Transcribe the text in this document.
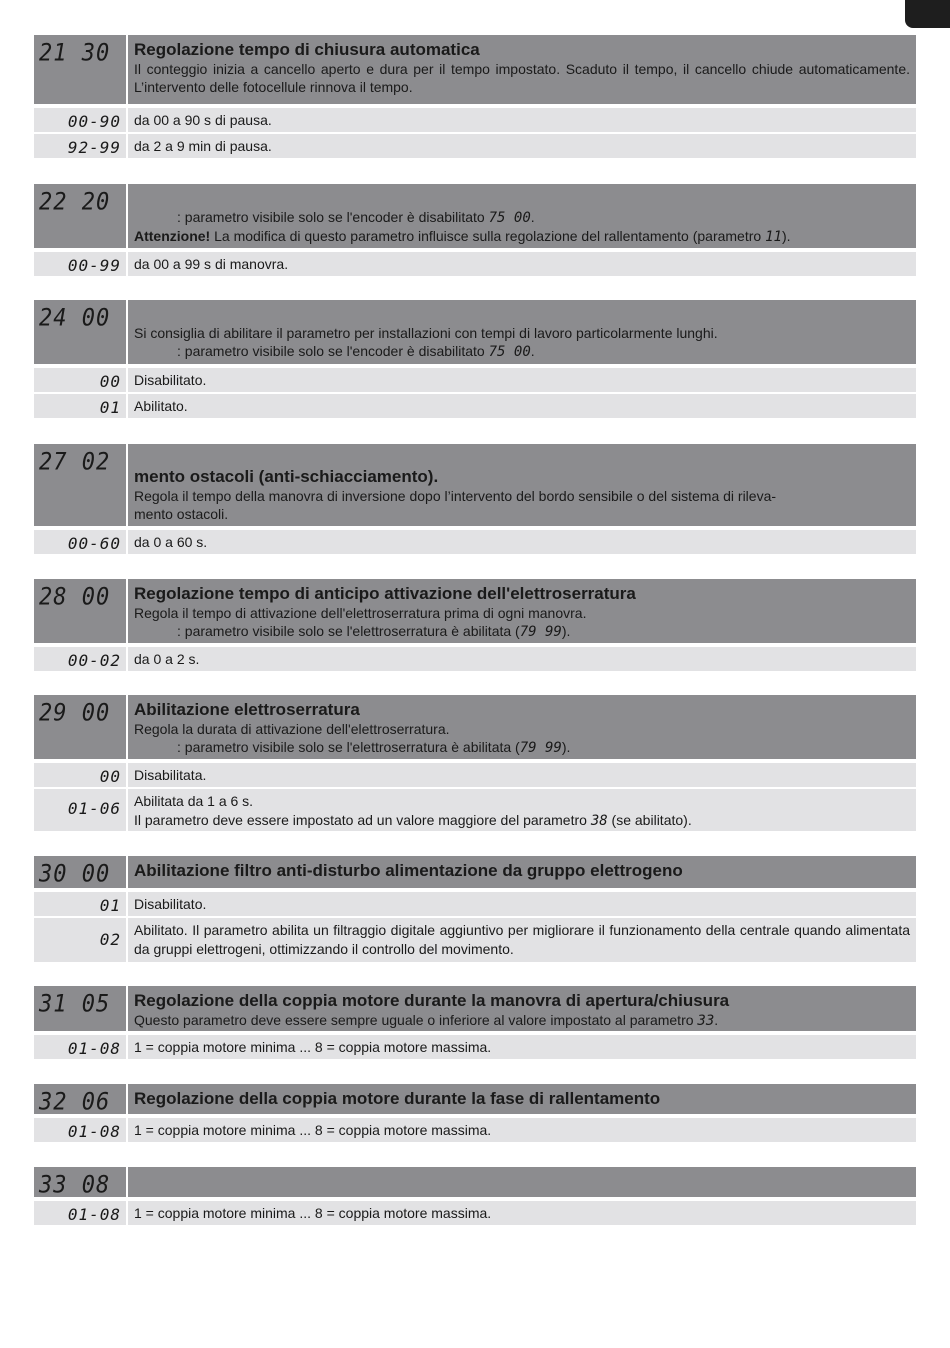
21 30	Regolazione tempo di chiusura automatica
Il conteggio inizia a cancello aperto e dura per il tempo impostato. Scaduto il tempo, il cancello chiude automaticamente. L’intervento delle fotocellule rinnova il tempo.
00-90 da 00 a 90 s di pausa.
92-99 da 2 a 9 min di pausa.
22 20
: parametro visibile solo se l'encoder è disabilitato 75 00.
Attenzione! La modifica di questo parametro influisce sulla regolazione del rallentamento (parametro 11).
00-99 da 00 a 99 s di manovra.
24 00
Si consiglia di abilitare il parametro per installazioni con tempi di lavoro particolarmente lunghi.
: parametro visibile solo se l'encoder è disabilitato 75 00.
00 Disabilitato.
01 Abilitato.
27 02
mento ostacoli (anti-schiacciamento).
Regola il tempo della manovra di inversione dopo l’intervento del bordo sensibile o del sistema di rileva-
mento ostacoli.
00-60 da 0 a 60 s.
28 00	Regolazione tempo di anticipo attivazione dell'elettroserratura
Regola il tempo di attivazione dell'elettroserratura prima di ogni manovra.
: parametro visibile solo se l'elettroserratura è abilitata (79 99).
00-02 da 0 a 2 s.
29 00	Abilitazione elettroserratura
Regola la durata di attivazione dell'elettroserratura.
: parametro visibile solo se l'elettroserratura è abilitata (79 99).
00 Disabilitata.
01-06 Abilitata da 1 a 6 s.
Il parametro deve essere impostato ad un valore maggiore del parametro 38 (se abilitato).
30 00	Abilitazione filtro anti-disturbo alimentazione da gruppo elettrogeno
01 Disabilitato.
02 Abilitato. Il parametro abilita un filtraggio digitale aggiuntivo per migliorare il funzionamento della centrale quando alimentata da gruppi elettrogeni, ottimizzando il controllo del movimento.
31 05	Regolazione della coppia motore durante la manovra di apertura/chiusura
Questo parametro deve essere sempre uguale o inferiore al valore impostato al parametro 33.
01-08 1 = coppia motore minima ... 8 = coppia motore massima.
32 06	Regolazione della coppia motore durante la fase di rallentamento
01-08 1 = coppia motore minima ... 8 = coppia motore massima.
33 08
01-08 1 = coppia motore minima ... 8 = coppia motore massima.
